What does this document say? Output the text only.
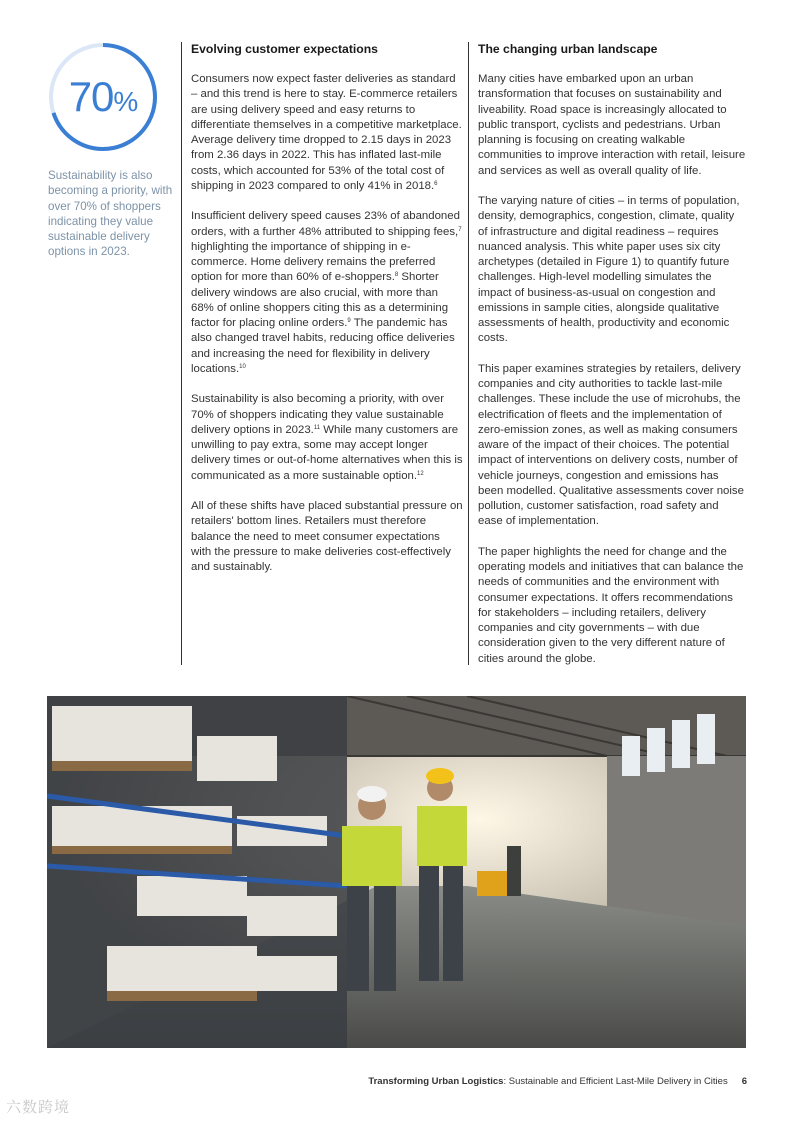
70%

Sustainability is also becoming a priority, with over 70% of shoppers indicating they value sustainable delivery options in 2023.

Evolving customer expectations

Consumers now expect faster deliveries as standard – and this trend is here to stay. E-commerce retailers are using delivery speed and easy returns to differentiate themselves in a competitive marketplace. Average delivery time dropped to 2.15 days in 2023 from 2.36 days in 2022. This has inflated last-mile costs, which accounted for 53% of the total cost of shipping in 2023 compared to only 41% in 2018.$^6$

Insufficient delivery speed causes 23% of abandoned orders, with a further 48% attributed to shipping fees,$^7$ highlighting the importance of shipping in e-commerce. Home delivery remains the preferred option for more than 60% of e-shoppers.$^8$ Shorter delivery windows are also crucial, with more than 68% of online shoppers citing this as a determining factor for placing online orders.$^9$ The pandemic has also changed travel habits, reducing office deliveries and increasing the need for flexibility in delivery locations.$^{10}$

Sustainability is also becoming a priority, with over 70% of shoppers indicating they value sustainable delivery options in 2023.11 While many customers are unwilling to pay extra, some may accept longer delivery times or out-of-home alternatives when this is communicated as a more sustainable option.$^{12}$

All of these shifts have placed substantial pressure on retailers' bottom lines. Retailers must therefore balance the need to meet consumer expectations with the pressure to make deliveries cost-effectively and sustainably.

The changing urban landscape

Many cities have embarked upon an urban transformation that focuses on sustainability and liveability. Road space is increasingly allocated to public transport, cyclists and pedestrians. Urban planning is focusing on creating walkable communities to improve interaction with retail, leisure and services as well as overall quality of life.

The varying nature of cities – in terms of population, density, demographics, congestion, climate, quality of infrastructure and digital readiness – requires nuanced analysis. This white paper uses six city archetypes (detailed in Figure 1) to quantify future challenges. High-level modelling simulates the impact of business-as-usual on congestion and emissions in sample cities, alongside qualitative assessments of health, productivity and economic costs.

This paper examines strategies by retailers, delivery companies and city authorities to tackle last-mile challenges. These include the use of microhubs, the electrification of fleets and the implementation of zero-emission zones, as well as making consumers aware of the impact of their choices. The potential impact of interventions on delivery costs, number of vehicle journeys, congestion and emissions has been modelled. Qualitative assessments cover noise pollution, customer satisfaction, road safety and ease of implementation.

The paper highlights the need for change and the operating models and initiatives that can balance the needs of communities and the environment with consumer expectations. It offers recommendations for stakeholders – including retailers, delivery companies and city governments – with due consideration given to the very different nature of cities around the globe.

Transforming Urban Logistics: Sustainable and Efficient Last-Mile Delivery in Cities 6
六数跨境
